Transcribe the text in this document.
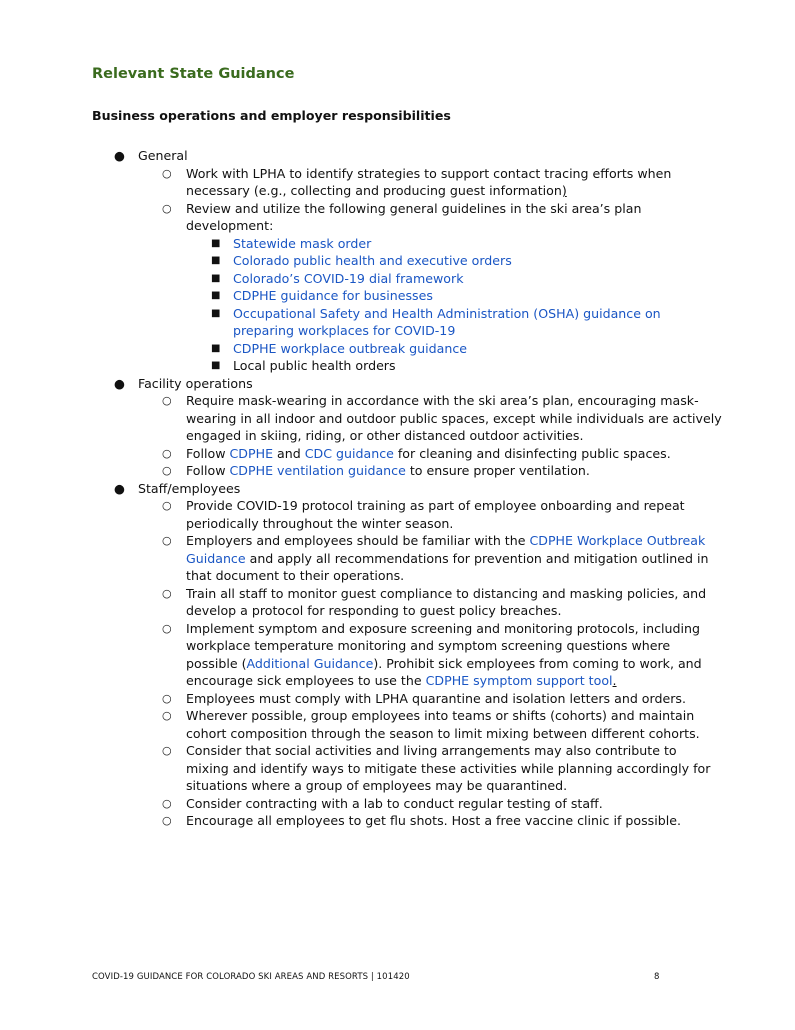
Relevant State Guidance
Business operations and employer responsibilities
● General
○ Work with LPHA to identify strategies to support contact tracing efforts when necessary (e.g., collecting and producing guest information)
○ Review and utilize the following general guidelines in the ski area’s plan development:
■ Statewide mask order
■ Colorado public health and executive orders
■ Colorado’s COVID-19 dial framework
■ CDPHE guidance for businesses
■ Occupational Safety and Health Administration (OSHA) guidance on preparing workplaces for COVID-19
■ CDPHE workplace outbreak guidance
■ Local public health orders
● Facility operations
○ Require mask-wearing in accordance with the ski area’s plan, encouraging mask-wearing in all indoor and outdoor public spaces, except while individuals are actively engaged in skiing, riding, or other distanced outdoor activities.
○ Follow CDPHE and CDC guidance for cleaning and disinfecting public spaces.
○ Follow CDPHE ventilation guidance to ensure proper ventilation.
● Staff/employees
○ Provide COVID-19 protocol training as part of employee onboarding and repeat periodically throughout the winter season.
○ Employers and employees should be familiar with the CDPHE Workplace Outbreak Guidance and apply all recommendations for prevention and mitigation outlined in that document to their operations.
○ Train all staff to monitor guest compliance to distancing and masking policies, and develop a protocol for responding to guest policy breaches.
○ Implement symptom and exposure screening and monitoring protocols, including workplace temperature monitoring and symptom screening questions where possible (Additional Guidance). Prohibit sick employees from coming to work, and encourage sick employees to use the CDPHE symptom support tool.
○ Employees must comply with LPHA quarantine and isolation letters and orders.
○ Wherever possible, group employees into teams or shifts (cohorts) and maintain cohort composition through the season to limit mixing between different cohorts.
○ Consider that social activities and living arrangements may also contribute to mixing and identify ways to mitigate these activities while planning accordingly for situations where a group of employees may be quarantined.
○ Consider contracting with a lab to conduct regular testing of staff.
○ Encourage all employees to get flu shots. Host a free vaccine clinic if possible.
COVID-19 GUIDANCE FOR COLORADO SKI AREAS AND RESORTS | 101420	8
